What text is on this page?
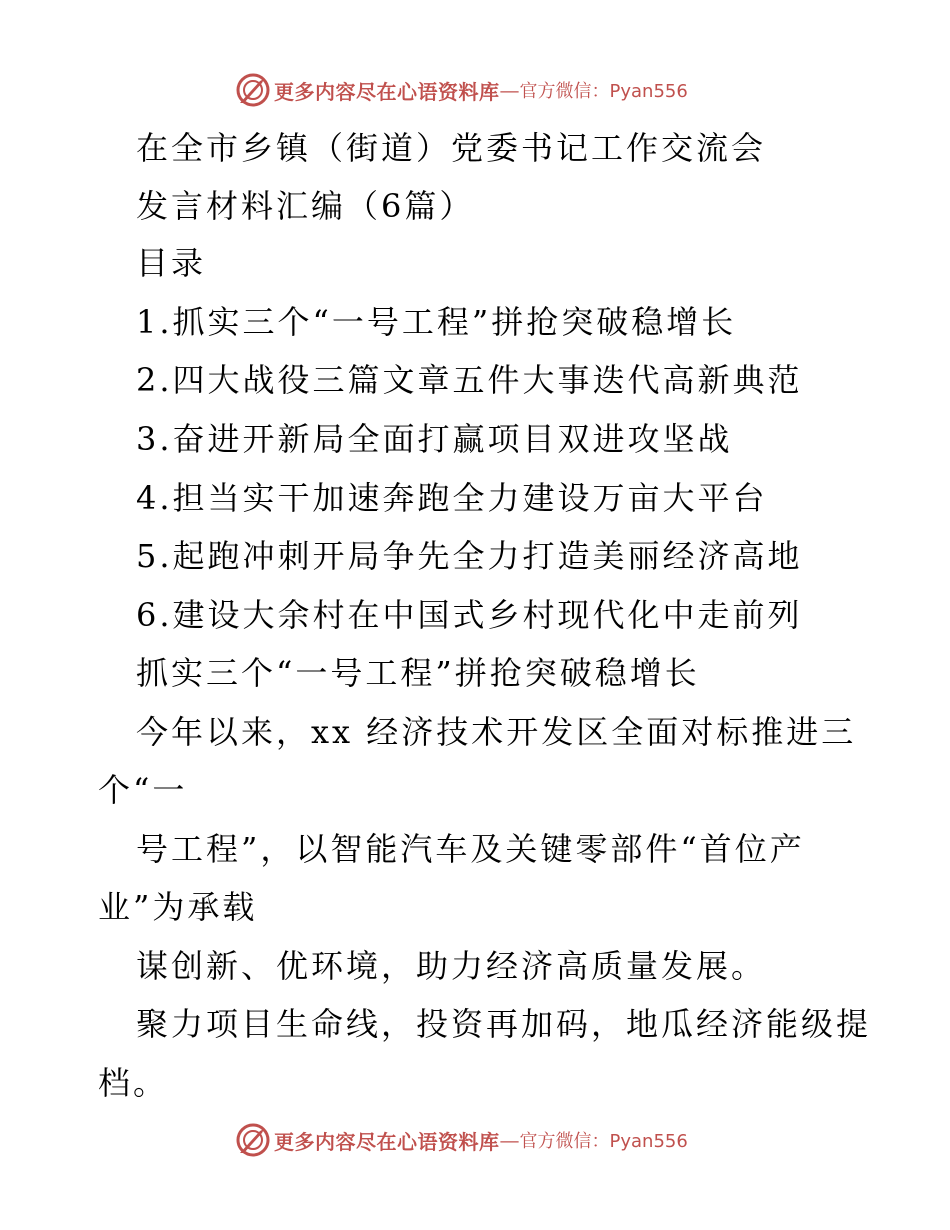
更多内容尽在心语资料库 — 官方微信：Pyan556
在全市乡镇（街道）党委书记工作交流会
发言材料汇编（6篇）
目录
1.抓实三个“一号工程”拼抢突破稳增长
2.四大战役三篇文章五件大事迭代高新典范
3.奋进开新局全面打赢项目双进攻坚战
4.担当实干加速奔跑全力建设万亩大平台
5.起跑冲刺开局争先全力打造美丽经济高地
6.建设大余村在中国式乡村现代化中走前列
抓实三个“一号工程”拼抢突破稳增长
今年以来，xx 经济技术开发区全面对标推进三
个“一
号工程”，以智能汽车及关键零部件“首位产
业”为承载
谋创新、优环境，助力经济高质量发展。
聚力项目生命线，投资再加码，地瓜经济能级提
档。
更多内容尽在心语资料库 — 官方微信：Pyan556
